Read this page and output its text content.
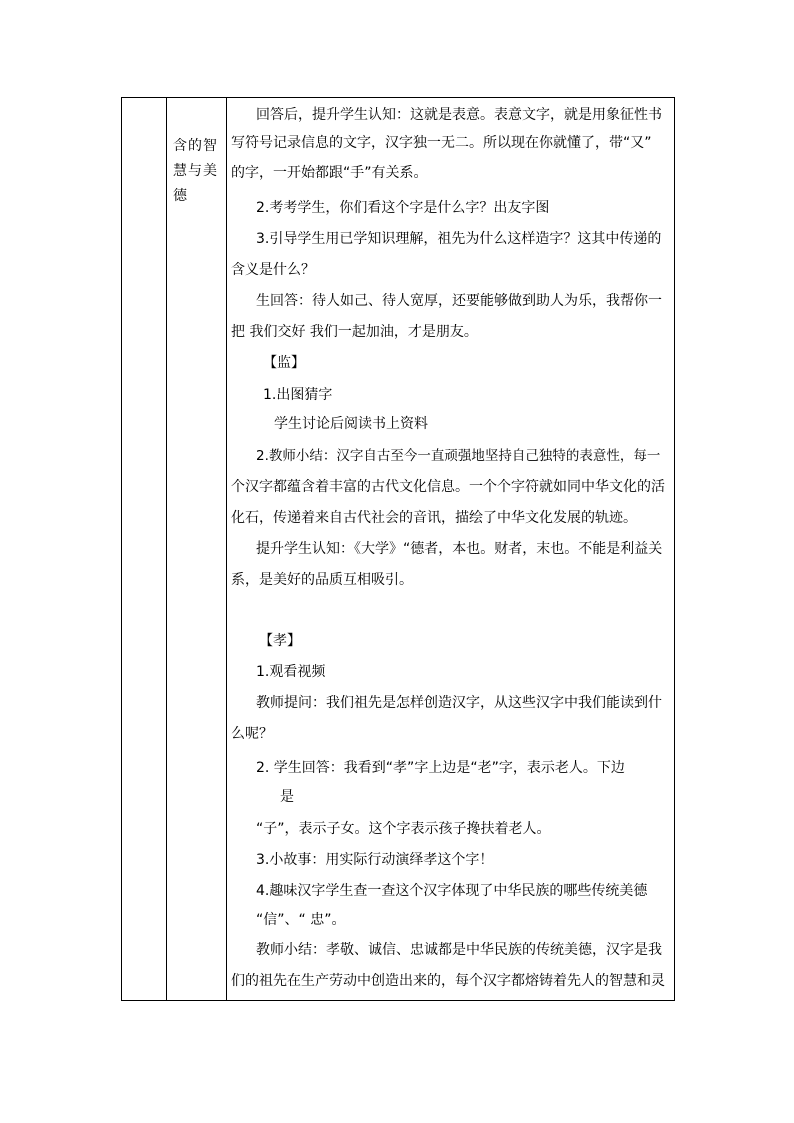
含的智
慧与美
德
回答后，提升学生认知：这就是表意。表意文字，就是用象征性书
写符号记录信息的文字，汉字独一无二。所以现在你就懂了，带“又”
的字，一开始都跟“手”有关系。
2.考考学生，你们看这个字是什么字？出友字图
3.引导学生用已学知识理解，祖先为什么这样造字？这其中传递的
含义是什么？
生回答：待人如己、待人宽厚，还要能够做到助人为乐，我帮你一
把 我们交好 我们一起加油，才是朋友。
【监】
1.出图猜字
学生讨论后阅读书上资料
2.教师小结：汉字自古至今一直顽强地坚持自己独特的表意性，每一
个汉字都蕴含着丰富的古代文化信息。一个个字符就如同中华文化的活
化石，传递着来自古代社会的音讯，描绘了中华文化发展的轨迹。
提升学生认知：《大学》“德者，本也。财者，末也。不能是利益关
系，是美好的品质互相吸引。
【孝】
1.观看视频
教师提问：我们祖先是怎样创造汉字，从这些汉字中我们能读到什
么呢？
2. 学生回答：我看到“孝”字上边是“老”字，表示老人。下边
是
“子”，表示子女。这个字表示孩子搀扶着老人。
3.小故事：用实际行动演绎孝这个字！
4.趣味汉字学生查一查这个汉字体现了中华民族的哪些传统美德
“信”、“ 忠”。
教师小结：孝敬、诚信、忠诚都是中华民族的传统美德，汉字是我
们的祖先在生产劳动中创造出来的，每个汉字都熔铸着先人的智慧和灵
